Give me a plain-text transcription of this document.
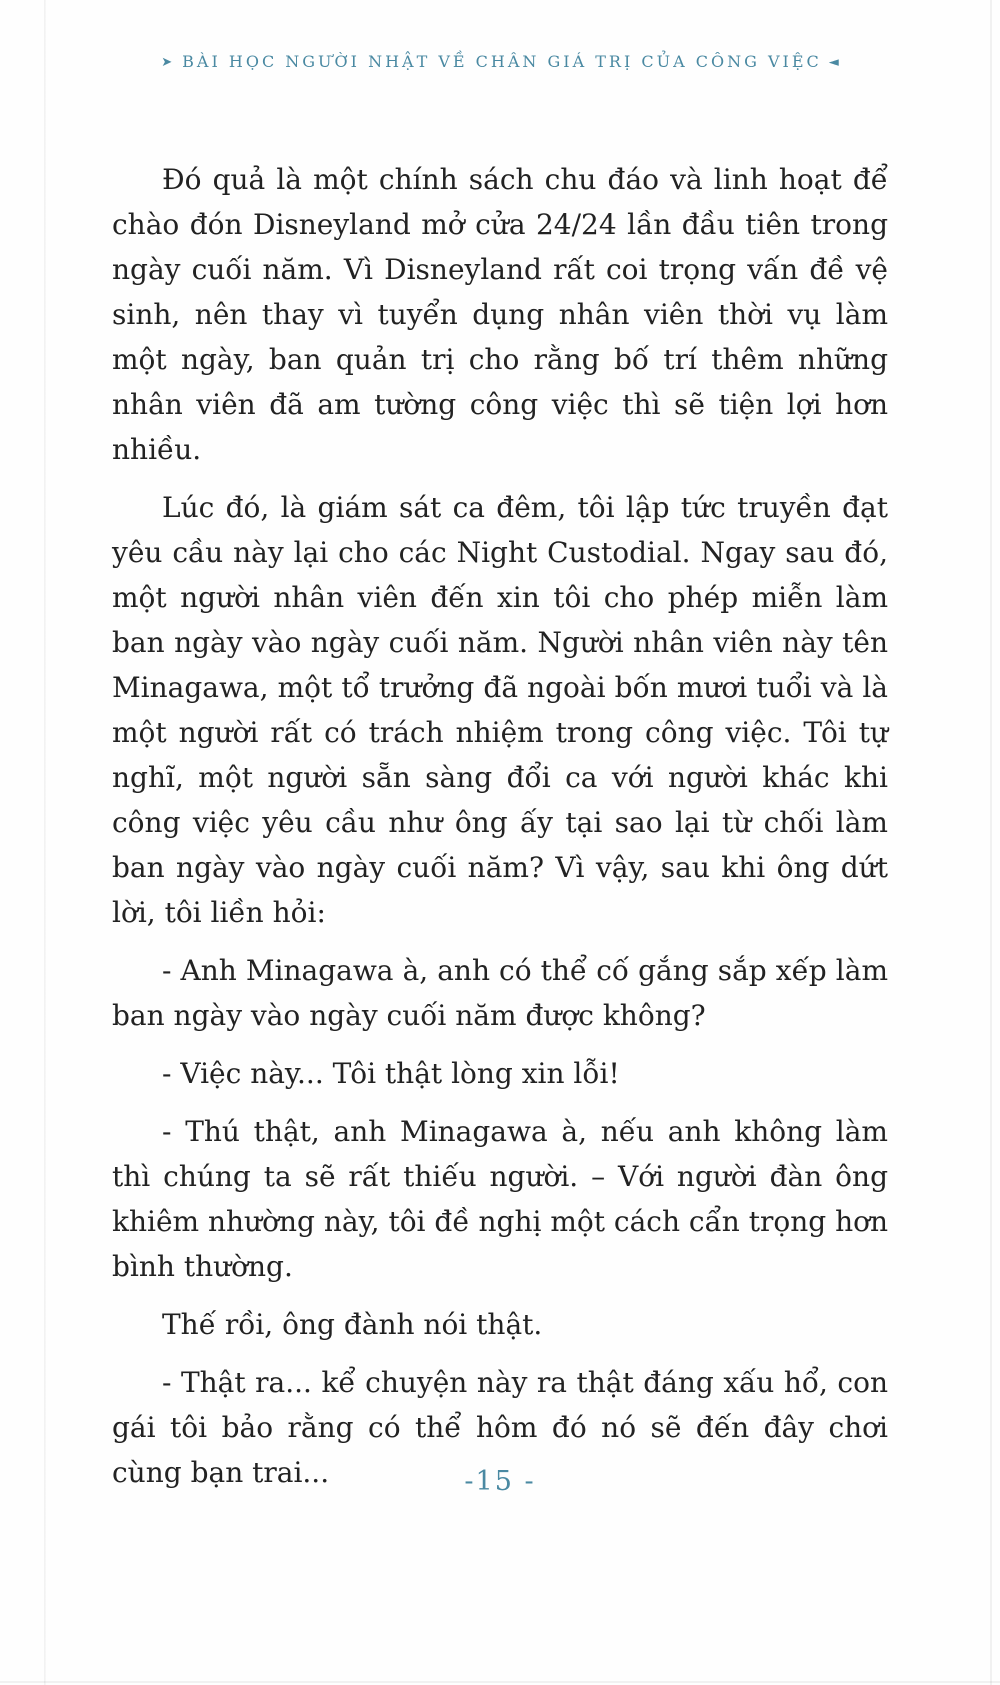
➤ BÀI HỌC NGƯỜI NHẬT VỀ CHÂN GIÁ TRỊ CỦA CÔNG VIỆC ◄

Đó quả là một chính sách chu đáo và linh hoạt để chào đón Disneyland mở cửa 24/24 lần đầu tiên trong ngày cuối năm. Vì Disneyland rất coi trọng vấn đề vệ sinh, nên thay vì tuyển dụng nhân viên thời vụ làm một ngày, ban quản trị cho rằng bố trí thêm những nhân viên đã am tường công việc thì sẽ tiện lợi hơn nhiều.

Lúc đó, là giám sát ca đêm, tôi lập tức truyền đạt yêu cầu này lại cho các Night Custodial. Ngay sau đó, một người nhân viên đến xin tôi cho phép miễn làm ban ngày vào ngày cuối năm. Người nhân viên này tên Minagawa, một tổ trưởng đã ngoài bốn mươi tuổi và là một người rất có trách nhiệm trong công việc. Tôi tự nghĩ, một người sẵn sàng đổi ca với người khác khi công việc yêu cầu như ông ấy tại sao lại từ chối làm ban ngày vào ngày cuối năm? Vì vậy, sau khi ông dứt lời, tôi liền hỏi:

- Anh Minagawa à, anh có thể cố gắng sắp xếp làm ban ngày vào ngày cuối năm được không?

- Việc này... Tôi thật lòng xin lỗi!

- Thú thật, anh Minagawa à, nếu anh không làm thì chúng ta sẽ rất thiếu người. – Với người đàn ông khiêm nhường này, tôi đề nghị một cách cẩn trọng hơn bình thường.

Thế rồi, ông đành nói thật.

- Thật ra... kể chuyện này ra thật đáng xấu hổ, con gái tôi bảo rằng có thể hôm đó nó sẽ đến đây chơi cùng bạn trai...	-15 -
